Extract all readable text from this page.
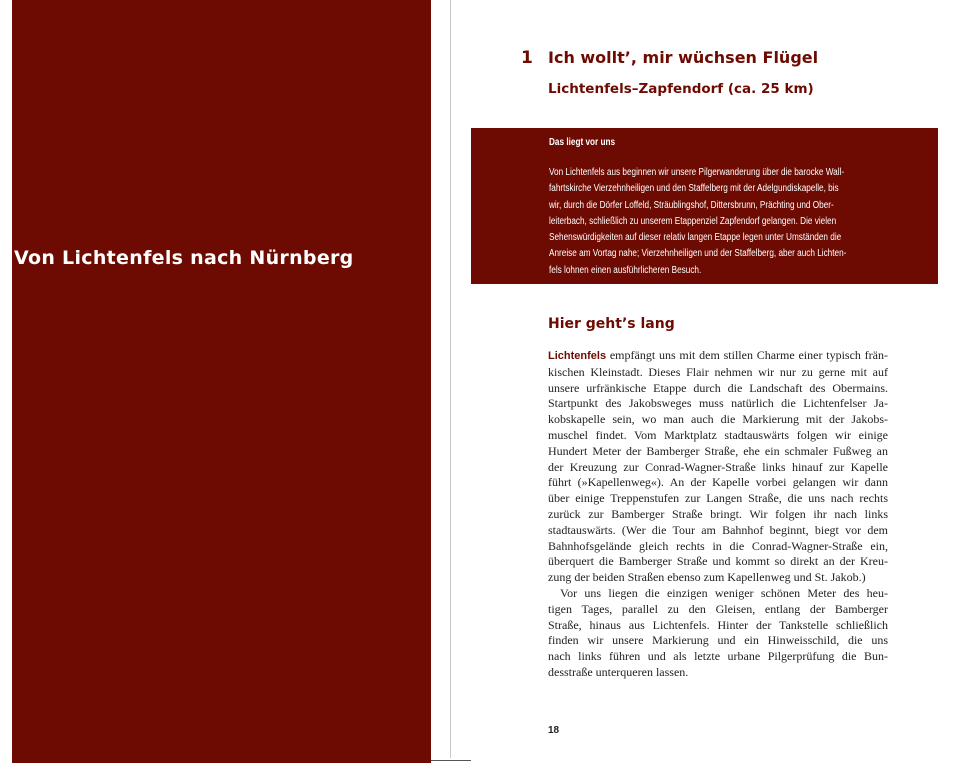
Von Lichtenfels nach Nürnberg
1 Ich wollt’, mir wüchsen Flügel
Lichtenfels–Zapfendorf (ca. 25 km)
Das liegt vor uns
Von Lichtenfels aus beginnen wir unsere Pilgerwanderung über die barocke Wall-
fahrtskirche Vierzehnheiligen und den Staffelberg mit der Adelgundiskapelle, bis
wir, durch die Dörfer Loffeld, Sträublingshof, Dittersbrunn, Prächting und Ober-
leiterbach, schließlich zu unserem Etappenziel Zapfendorf gelangen. Die vielen
Sehenswürdigkeiten auf dieser relativ langen Etappe legen unter Umständen die
Anreise am Vortag nahe; Vierzehnheiligen und der Staffelberg, aber auch Lichten-
fels lohnen einen ausführlicheren Besuch.
Hier geht’s lang
Lichtenfels empfängt uns mit dem stillen Charme einer typisch frän-
kischen Kleinstadt. Dieses Flair nehmen wir nur zu gerne mit auf
unsere urfränkische Etappe durch die Landschaft des Obermains.
Startpunkt des Jakobsweges muss natürlich die Lichtenfelser Ja-
kobskapelle sein, wo man auch die Markierung mit der Jakobs-
muschel findet. Vom Marktplatz stadtauswärts folgen wir einige
Hundert Meter der Bamberger Straße, ehe ein schmaler Fußweg an
der Kreuzung zur Conrad-Wagner-Straße links hinauf zur Kapelle
führt (»Kapellenweg«). An der Kapelle vorbei gelangen wir dann
über einige Treppenstufen zur Langen Straße, die uns nach rechts
zurück zur Bamberger Straße bringt. Wir folgen ihr nach links
stadtauswärts. (Wer die Tour am Bahnhof beginnt, biegt vor dem
Bahnhofsgelände gleich rechts in die Conrad-Wagner-Straße ein,
überquert die Bamberger Straße und kommt so direkt an der Kreu-
zung der beiden Straßen ebenso zum Kapellenweg und St. Jakob.)
Vor uns liegen die einzigen weniger schönen Meter des heu-
tigen Tages, parallel zu den Gleisen, entlang der Bamberger
Straße, hinaus aus Lichtenfels. Hinter der Tankstelle schließlich
finden wir unsere Markierung und ein Hinweisschild, die uns
nach links führen und als letzte urbane Pilgerprüfung die Bun-
desstraße unterqueren lassen.
18
